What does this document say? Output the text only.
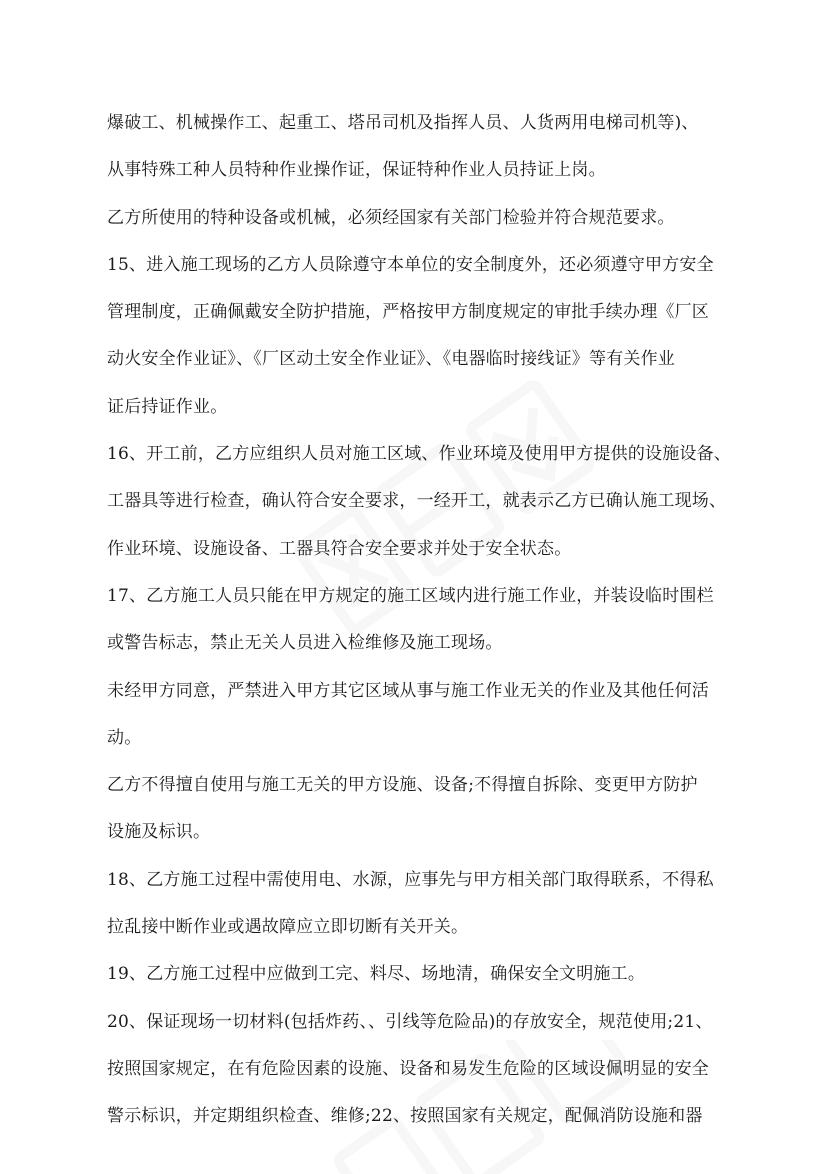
爆破工、机械操作工、起重工、塔吊司机及指挥人员、人货两用电梯司机等)、
从事特殊工种人员特种作业操作证，保证特种作业人员持证上岗。
乙方所使用的特种设备或机械，必须经国家有关部门检验并符合规范要求。
15、进入施工现场的乙方人员除遵守本单位的安全制度外，还必须遵守甲方安全
管理制度，正确佩戴安全防护措施，严格按甲方制度规定的审批手续办理《厂区
动火安全作业证》、《厂区动土安全作业证》、《电器临时接线证》等有关作业
证后持证作业。
16、开工前，乙方应组织人员对施工区域、作业环境及使用甲方提供的设施设备、
工器具等进行检查，确认符合安全要求，一经开工，就表示乙方已确认施工现场、
作业环境、设施设备、工器具符合安全要求并处于安全状态。
17、乙方施工人员只能在甲方规定的施工区域内进行施工作业，并装设临时围栏
或警告标志，禁止无关人员进入检维修及施工现场。
未经甲方同意，严禁进入甲方其它区域从事与施工作业无关的作业及其他任何活
动。
乙方不得擅自使用与施工无关的甲方设施、设备;不得擅自拆除、变更甲方防护
设施及标识。
18、乙方施工过程中需使用电、水源，应事先与甲方相关部门取得联系，不得私
拉乱接中断作业或遇故障应立即切断有关开关。
19、乙方施工过程中应做到工完、料尽、场地清，确保安全文明施工。
20、保证现场一切材料(包括炸药、、引线等危险品)的存放安全，规范使用;21、
按照国家规定，在有危险因素的设施、设备和易发生危险的区域设佩明显的安全
警示标识，并定期组织检查、维修;22、按照国家有关规定，配佩消防设施和器
